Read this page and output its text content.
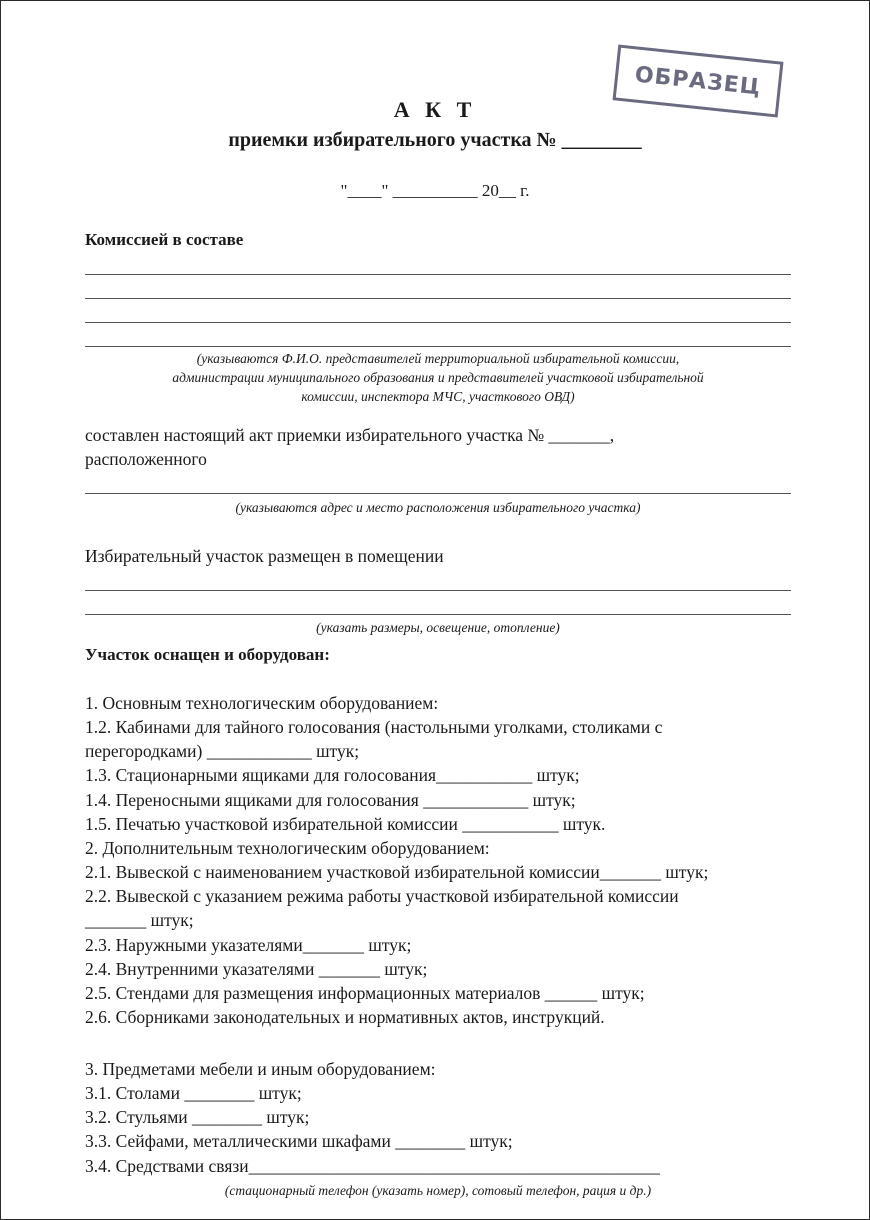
ОБРАЗЕЦ
А К Т
приемки избирательного участка № ________
"____" __________ 20__ г.
Комиссией в составе
(указываются Ф.И.О. представителей территориальной избирательной комиссии,
администрации муниципального образования и представителей участковой избирательной
комиссии, инспектора МЧС, участкового ОВД)
составлен настоящий акт приемки избирательного участка № _______,
расположенного
(указываются адрес и место расположения избирательного участка)
Избирательный участок размещен в помещении
(указать размеры, освещение, отопление)
Участок оснащен и оборудован:
1. Основным технологическим оборудованием:
1.2. Кабинами для тайного голосования (настольными уголками, столиками с
перегородками) ____________ штук;
1.3. Стационарными ящиками для голосования___________ штук;
1.4. Переносными ящиками для голосования ____________ штук;
1.5. Печатью участковой избирательной комиссии ___________ штук.
2. Дополнительным технологическим оборудованием:
2.1. Вывеской с наименованием участковой избирательной комиссии_______ штук;
2.2. Вывеской с указанием режима работы участковой избирательной комиссии
_______ штук;
2.3. Наружными указателями_______ штук;
2.4. Внутренними указателями _______ штук;
2.5. Стендами для размещения информационных материалов ______ штук;
2.6. Сборниками законодательных и нормативных актов, инструкций.
3. Предметами мебели и иным оборудованием:
3.1. Столами ________ штук;
3.2. Стульями ________ штук;
3.3. Сейфами, металлическими шкафами ________ штук;
3.4. Средствами связи_______________________________________________
(стационарный телефон (указать номер), сотовый телефон, рация и др.)
